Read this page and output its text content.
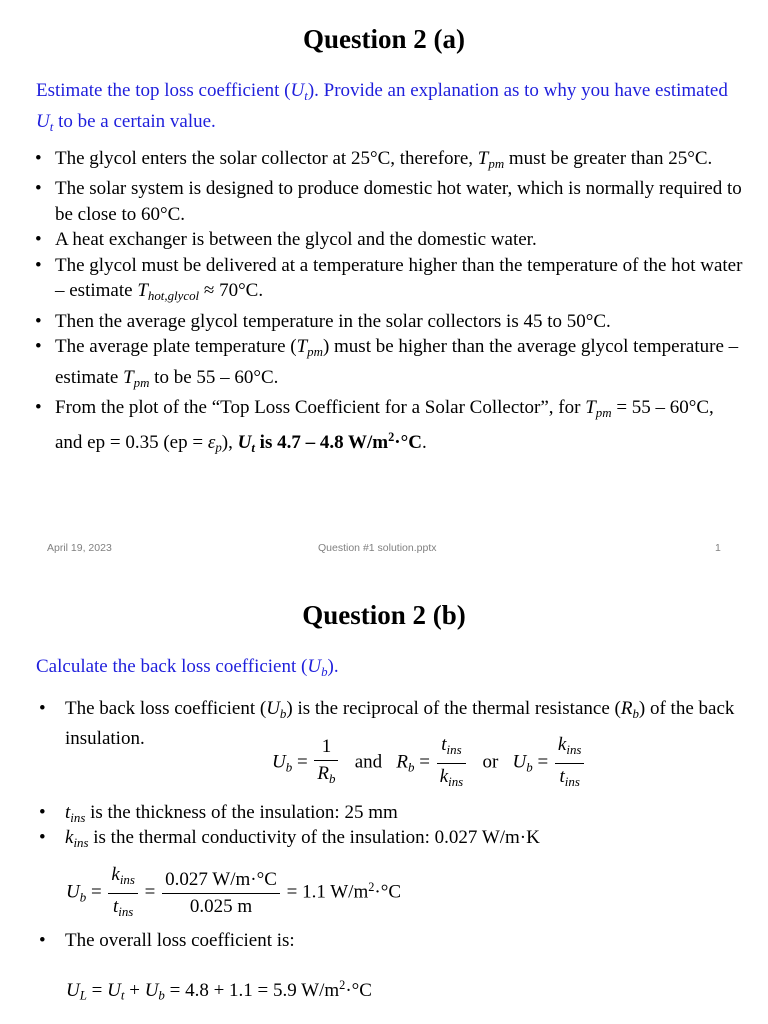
Question 2 (a)
Estimate the top loss coefficient $(U_t)$. Provide an explanation as to why you have estimated $U_t$ to be a certain value.
• The glycol enters the solar collector at 25°C, therefore, $T_{pm}$ must be greater than 25°C.
• The solar system is designed to produce domestic hot water, which is normally required to be close to 60°C.
• A heat exchanger is between the glycol and the domestic water.
• The glycol must be delivered at a temperature higher than the temperature of the hot water – estimate $T_{hot,glycol} \approx 70^\circ C$.
• Then the average glycol temperature in the solar collectors is 45 to 50°C.
• The average plate temperature $(T_{pm})$ must be higher than the average glycol temperature – estimate $T_{pm}$ to be 55 – 60°C.
• From the plot of the “Top Loss Coefficient for a Solar Collector”, for $T_{pm} = 55 - 60^\circ C$, and ep = 0.35 $(ep = \varepsilon_p)$, $U_t$ is 4.7 – 4.8 $W/m^2\cdot^\circ C$.
April 19, 2023	Question #1 solution.pptx	1
Question 2 (b)
Calculate the back loss coefficient $(U_b)$.
• The back loss coefficient $(U_b)$ is the reciprocal of the thermal resistance $(R_b)$ of the back insulation.
$U_b = \frac{1}{R_b}$ and $R_b = \frac{t_{ins}}{k_{ins}}$ or $U_b = \frac{k_{ins}}{t_{ins}}$
• $t_{ins}$ is the thickness of the insulation: 25 mm
• $k_{ins}$ is the thermal conductivity of the insulation: 0.027 W/m·K
$U_b = \frac{k_{ins}}{t_{ins}} = \frac{0.027 W/m\cdot^\circ C}{0.025 m} = 1.1$ $W/m^2\cdot^\circ C$
• The overall loss coefficient is:
$U_L = U_t + U_b = 4.8 + 1.1 = 5.9$ $W/m^2\cdot^\circ C$
